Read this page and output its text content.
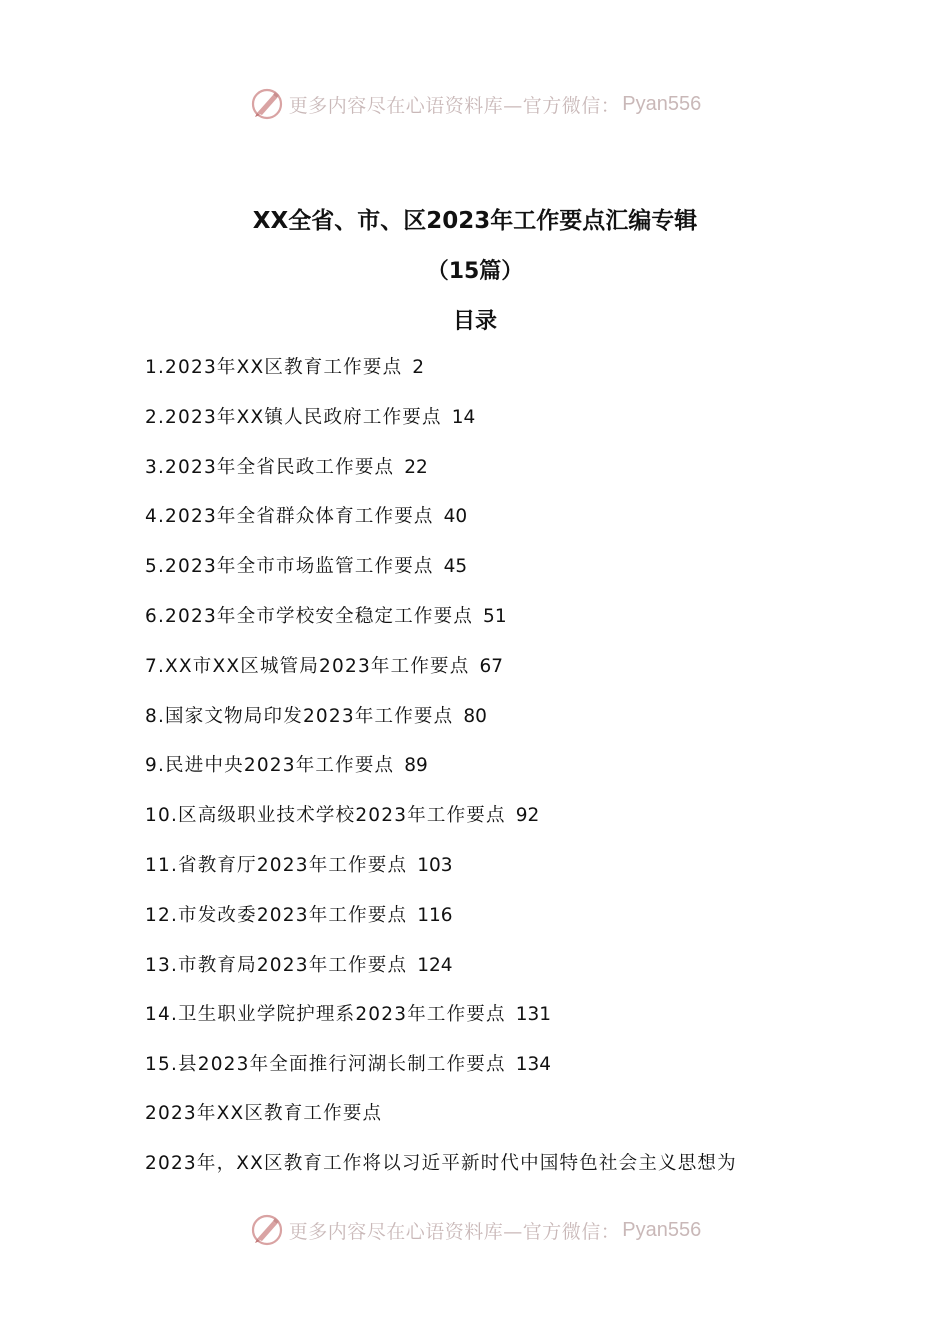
更多内容尽在心语资料库—官方微信： Pyan556
XX全省、市、区2023年工作要点汇编专辑
（15篇）
目录
1.2023年XX区教育工作要点 2
2.2023年XX镇人民政府工作要点 14
3.2023年全省民政工作要点 22
4.2023年全省群众体育工作要点 40
5.2023年全市市场监管工作要点 45
6.2023年全市学校安全稳定工作要点 51
7.XX市XX区城管局2023年工作要点 67
8.国家文物局印发2023年工作要点 80
9.民进中央2023年工作要点 89
10.区高级职业技术学校2023年工作要点 92
11.省教育厅2023年工作要点 103
12.市发改委2023年工作要点 116
13.市教育局2023年工作要点 124
14.卫生职业学院护理系2023年工作要点 131
15.县2023年全面推行河湖长制工作要点 134

2023年XX区教育工作要点

2023年，XX区教育工作将以习近平新时代中国特色社会主义思想为

更多内容尽在心语资料库—官方微信： Pyan556
